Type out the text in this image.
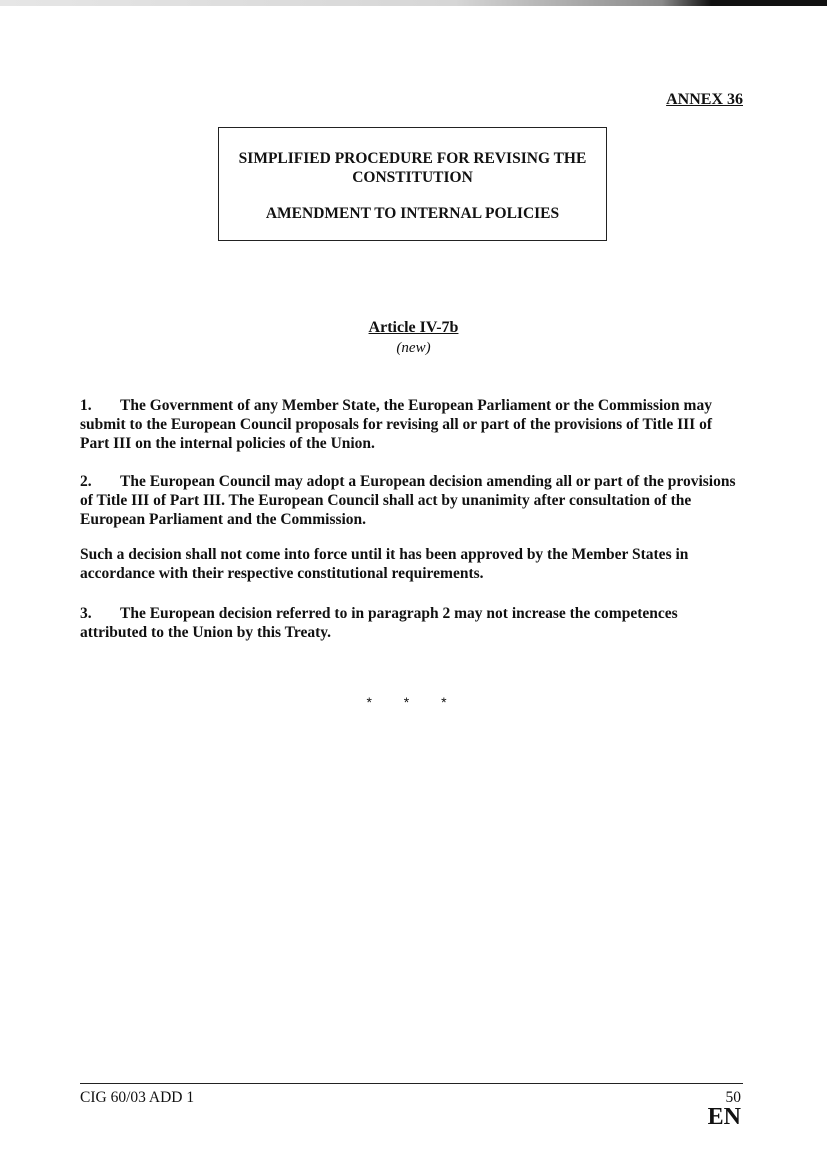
ANNEX 36
SIMPLIFIED PROCEDURE FOR REVISING THE CONSTITUTION
AMENDMENT TO INTERNAL POLICIES
Article IV-7b
(new)
1. The Government of any Member State, the European Parliament or the Commission may submit to the European Council proposals for revising all or part of the provisions of Title III of Part III on the internal policies of the Union.
2. The European Council may adopt a European decision amending all or part of the provisions of Title III of Part III. The European Council shall act by unanimity after consultation of the European Parliament and the Commission.
Such a decision shall not come into force until it has been approved by the Member States in accordance with their respective constitutional requirements.
3. The European decision referred to in paragraph 2 may not increase the competences attributed to the Union by this Treaty.
* * *
CIG 60/03 ADD 1	50
EN
